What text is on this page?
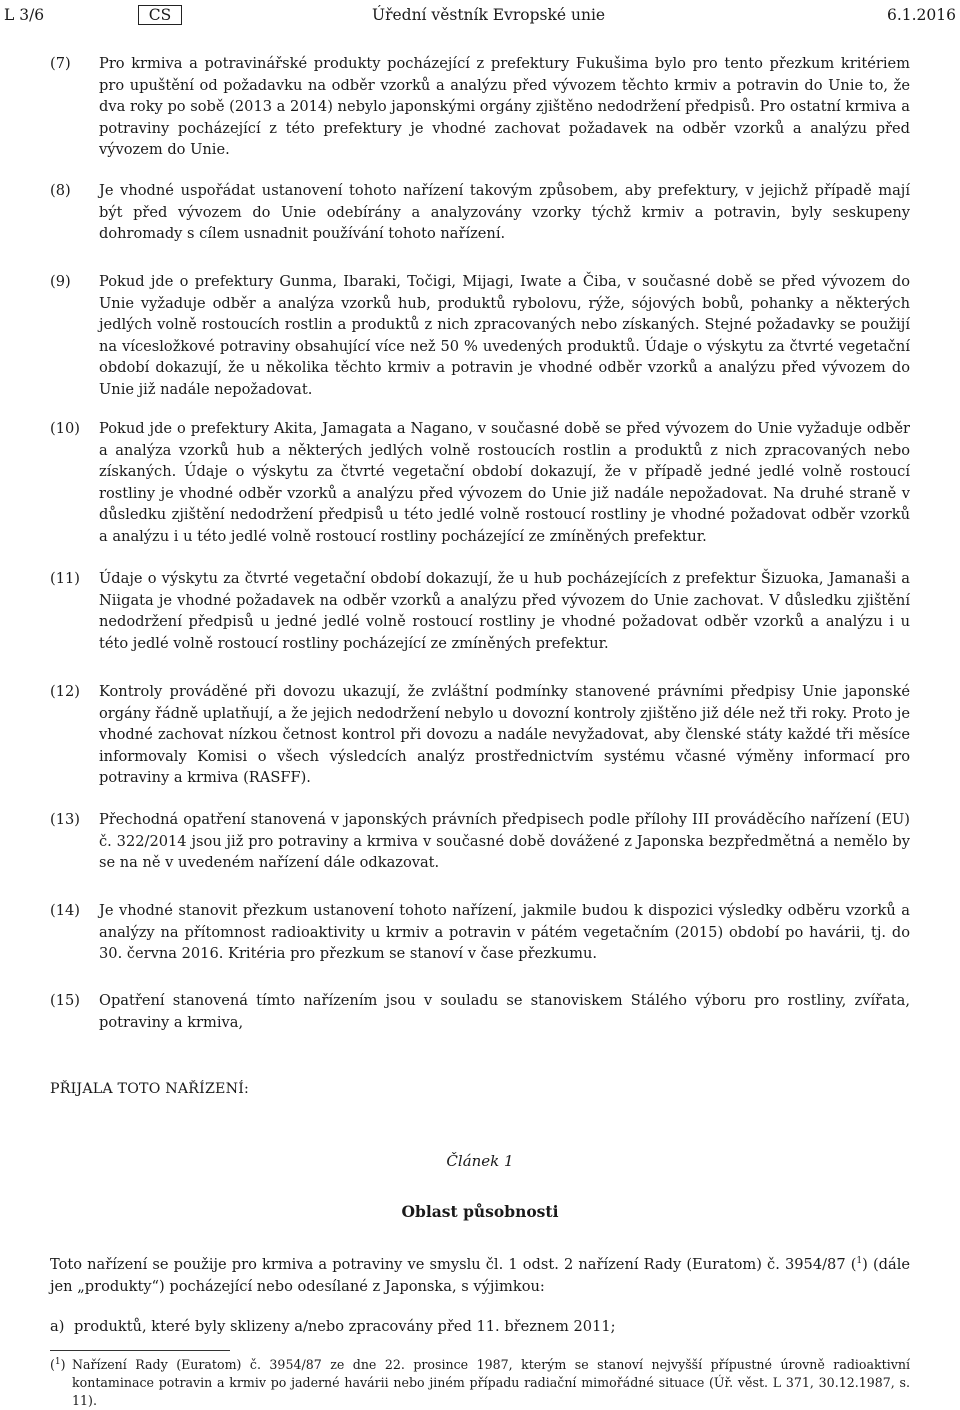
L 3/6	CS	Úřední věstník Evropské unie	6.1.2016
(7)	Pro krmiva a potravinářské produkty pocházející z prefektury Fukušima bylo pro tento přezkum kritériem pro upuštění od požadavku na odběr vzorků a analýzu před vývozem těchto krmiv a potravin do Unie to, že dva roky po sobě (2013 a 2014) nebylo japonskými orgány zjištěno nedodržení předpisů. Pro ostatní krmiva a potraviny pocházející z této prefektury je vhodné zachovat požadavek na odběr vzorků a analýzu před vývozem do Unie.
(8)	Je vhodné uspořádat ustanovení tohoto nařízení takovým způsobem, aby prefektury, v jejichž případě mají být před vývozem do Unie odebírány a analyzovány vzorky týchž krmiv a potravin, byly seskupeny dohromady s cílem usnadnit používání tohoto nařízení.
(9)	Pokud jde o prefektury Gunma, Ibaraki, Točigi, Mijagi, Iwate a Čiba, v současné době se před vývozem do Unie vyžaduje odběr a analýza vzorků hub, produktů rybolovu, rýže, sójových bobů, pohanky a některých jedlých volně rostoucích rostlin a produktů z nich zpracovaných nebo získaných. Stejné požadavky se použijí na vícesložkové potraviny obsahující více než 50 % uvedených produktů. Údaje o výskytu za čtvrté vegetační období dokazují, že u několika těchto krmiv a potravin je vhodné odběr vzorků a analýzu před vývozem do Unie již nadále nepožadovat.
(10)	Pokud jde o prefektury Akita, Jamagata a Nagano, v současné době se před vývozem do Unie vyžaduje odběr a analýza vzorků hub a některých jedlých volně rostoucích rostlin a produktů z nich zpracovaných nebo získaných. Údaje o výskytu za čtvrté vegetační období dokazují, že v případě jedné jedlé volně rostoucí rostliny je vhodné odběr vzorků a analýzu před vývozem do Unie již nadále nepožadovat. Na druhé straně v důsledku zjištění nedodržení předpisů u této jedlé volně rostoucí rostliny je vhodné požadovat odběr vzorků a analýzu i u této jedlé volně rostoucí rostliny pocházející ze zmíněných prefektur.
(11)	Údaje o výskytu za čtvrté vegetační období dokazují, že u hub pocházejících z prefektur Šizuoka, Jamanaši a Niigata je vhodné požadavek na odběr vzorků a analýzu před vývozem do Unie zachovat. V důsledku zjištění nedodržení předpisů u jedné jedlé volně rostoucí rostliny je vhodné požadovat odběr vzorků a analýzu i u této jedlé volně rostoucí rostliny pocházející ze zmíněných prefektur.
(12)	Kontroly prováděné při dovozu ukazují, že zvláštní podmínky stanovené právními předpisy Unie japonské orgány řádně uplatňují, a že jejich nedodržení nebylo u dovozní kontroly zjištěno již déle než tři roky. Proto je vhodné zachovat nízkou četnost kontrol při dovozu a nadále nevyžadovat, aby členské státy každé tři měsíce informovaly Komisi o všech výsledcích analýz prostřednictvím systému včasné výměny informací pro potraviny a krmiva (RASFF).
(13)	Přechodná opatření stanovená v japonských právních předpisech podle přílohy III prováděcího nařízení (EU) č. 322/2014 jsou již pro potraviny a krmiva v současné době dovážené z Japonska bezpředmětná a nemělo by se na ně v uvedeném nařízení dále odkazovat.
(14)	Je vhodné stanovit přezkum ustanovení tohoto nařízení, jakmile budou k dispozici výsledky odběru vzorků a analýzy na přítomnost radioaktivity u krmiv a potravin v pátém vegetačním (2015) období po havárii, tj. do 30. června 2016. Kritéria pro přezkum se stanoví v čase přezkumu.
(15)	Opatření stanovená tímto nařízením jsou v souladu se stanoviskem Stálého výboru pro rostliny, zvířata, potraviny a krmiva,
PŘIJALA TOTO NAŘÍZENÍ:
Článek 1
Oblast působnosti
Toto nařízení se použije pro krmiva a potraviny ve smyslu čl. 1 odst. 2 nařízení Rady (Euratom) č. 3954/87 ($^1$) (dále jen „produkty“) pocházející nebo odesílané z Japonska, s výjimkou:
a) produktů, které byly sklizeny a/nebo zpracovány před 11. březnem 2011;
($^1$) Nařízení Rady (Euratom) č. 3954/87 ze dne 22. prosince 1987, kterým se stanoví nejvyšší přípustné úrovně radioaktivní kontaminace potravin a krmiv po jaderné havárii nebo jiném případu radiační mimořádné situace (Úř. věst. L 371, 30.12.1987, s. 11).
